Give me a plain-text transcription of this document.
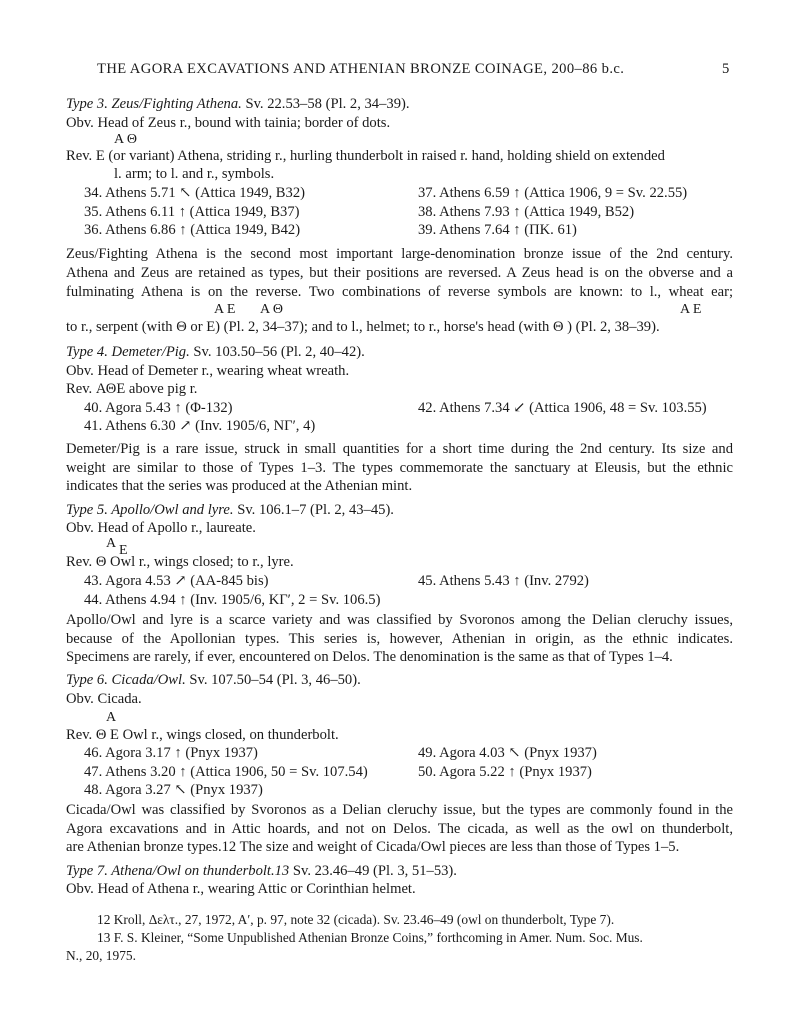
THE AGORA EXCAVATIONS AND ATHENIAN BRONZE COINAGE, 200–86 b.c.	5
Type 3. Zeus/Fighting Athena. Sv. 22.53–58 (Pl. 2, 34–39).
Obv. Head of Zeus r., bound with tainia; border of dots.
A Θ
Rev. E (or variant) Athena, striding r., hurling thunderbolt in raised r. hand, holding shield on extended
l. arm; to l. and r., symbols.
34. Athens 5.71 ↖ (Attica 1949, B32)
35. Athens 6.11 ↑ (Attica 1949, B37)
36. Athens 6.86 ↑ (Attica 1949, B42)
37. Athens 6.59 ↑ (Attica 1906, 9 = Sv. 22.55)
38. Athens 7.93 ↑ (Attica 1949, B52)
39. Athens 7.64 ↑ (ΠΚ. 61)
Zeus/Fighting Athena is the second most important large-denomination bronze issue of the 2nd century.
Athena and Zeus are retained as types, but their positions are reversed. A Zeus head is on the obverse and a
fulminating Athena is on the reverse. Two combinations of reverse symbols are known: to l., wheat ear;
A E A Θ	A E
to r., serpent (with Θ or E) (Pl. 2, 34–37); and to l., helmet; to r., horse's head (with Θ ) (Pl. 2, 38–39).
Type 4. Demeter/Pig. Sv. 103.50–56 (Pl. 2, 40–42).
Obv. Head of Demeter r., wearing wheat wreath.
Rev. ΑΘΕ above pig r.
40. Agora 5.43 ↑ (Φ-132)
41. Athens 6.30 ↗ (Inv. 1905/6, ΝΓ′, 4)
42. Athens 7.34 ↙ (Attica 1906, 48 = Sv. 103.55)
Demeter/Pig is a rare issue, struck in small quantities for a short time during the 2nd century. Its size and
weight are similar to those of Types 1–3. The types commemorate the sanctuary at Eleusis, but the ethnic
indicates that the series was produced at the Athenian mint.
Type 5. Apollo/Owl and lyre. Sv. 106.1–7 (Pl. 2, 43–45).
Obv. Head of Apollo r., laureate.
A E
Rev. Θ Owl r., wings closed; to r., lyre.
43. Agora 4.53 ↗ (ΑΑ-845 bis)
44. Athens 4.94 ↑ (Inv. 1905/6, ΚΓ′, 2 = Sv. 106.5)
45. Athens 5.43 ↑ (Inv. 2792)
Apollo/Owl and lyre is a scarce variety and was classified by Svoronos among the Delian cleruchy issues,
because of the Apollonian types. This series is, however, Athenian in origin, as the ethnic indicates.
Specimens are rarely, if ever, encountered on Delos. The denomination is the same as that of Types 1–4.
Type 6. Cicada/Owl. Sv. 107.50–54 (Pl. 3, 46–50).
Obv. Cicada.
A
Rev. Θ E Owl r., wings closed, on thunderbolt.
46. Agora 3.17 ↑ (Pnyx 1937)
47. Athens 3.20 ↑ (Attica 1906, 50 = Sv. 107.54)
48. Agora 3.27 ↖ (Pnyx 1937)
49. Agora 4.03 ↖ (Pnyx 1937)
50. Agora 5.22 ↑ (Pnyx 1937)
Cicada/Owl was classified by Svoronos as a Delian cleruchy issue, but the types are commonly found in the
Agora excavations and in Attic hoards, and not on Delos. The cicada, as well as the owl on thunderbolt,
are Athenian bronze types.12 The size and weight of Cicada/Owl pieces are less than those of Types 1–5.
Type 7. Athena/Owl on thunderbolt.13 Sv. 23.46–49 (Pl. 3, 51–53).
Obv. Head of Athena r., wearing Attic or Corinthian helmet.
12 Kroll, Δελτ., 27, 1972, Α′, p. 97, note 32 (cicada). Sv. 23.46–49 (owl on thunderbolt, Type 7).
13 F. S. Kleiner, “Some Unpublished Athenian Bronze Coins,” forthcoming in Amer. Num. Soc. Mus.
N., 20, 1975.
